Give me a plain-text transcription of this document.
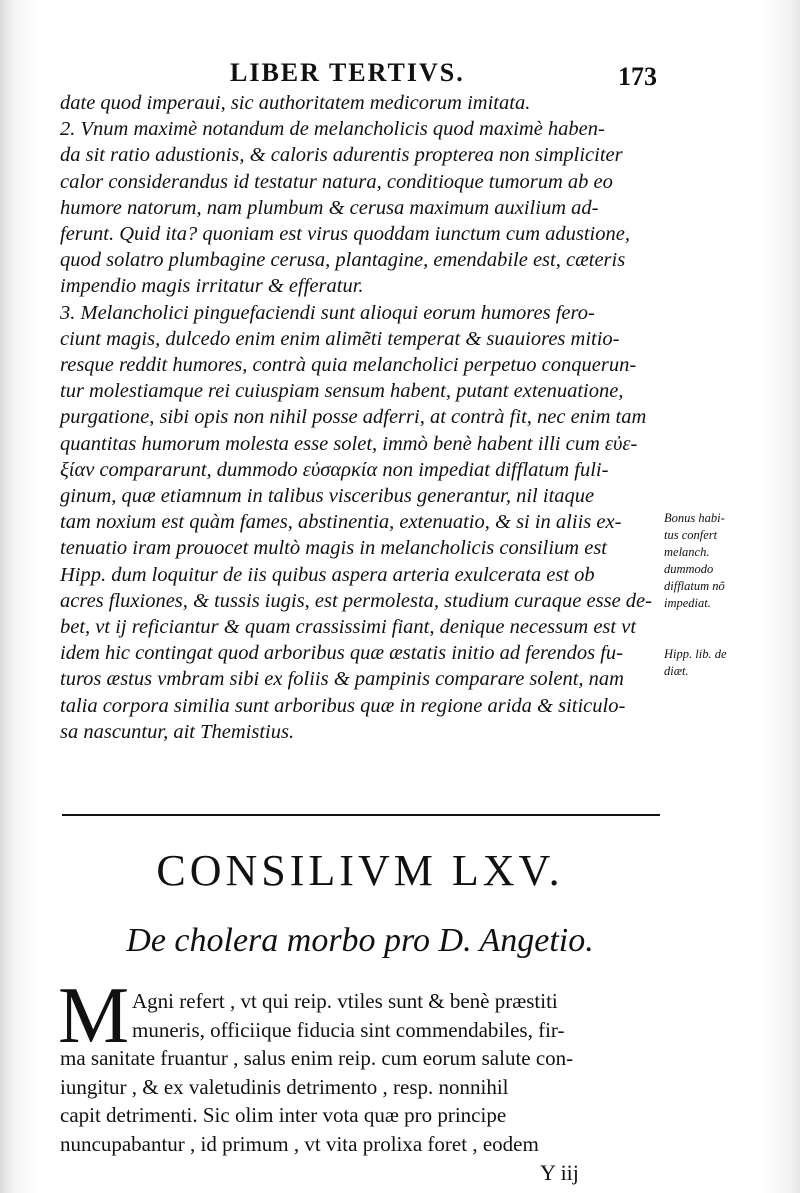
LIBER TERTIVS.	173
date quod imperaui, sic authoritatem medicorum imitata.
2. Vnum maximè notandum de melancholicis quod maximè haben-
da sit ratio adustionis, & caloris adurentis propterea non simpliciter
calor considerandus id testatur natura, conditioque tumorum ab eo
humore natorum, nam plumbum & cerusa maximum auxilium ad-
ferunt. Quid ita? quoniam est virus quoddam iunctum cum adustione,
quod solatro plumbagine cerusa, plantagine, emendabile est, cæteris
impendio magis irritatur & efferatur.
3. Melancholici pinguefaciendi sunt alioqui eorum humores fero-
ciunt magis, dulcedo enim enim alimẽti temperat & suauiores mitio-
resque reddit humores, contrà quia melancholici perpetuo conquerun-
tur molestiamque rei cuiuspiam sensum habent, putant extenuatione,
purgatione, sibi opis non nihil posse adferri, at contrà fit, nec enim tam
quantitas humorum molesta esse solet, immò benè habent illi cum εὐε-
ξίαν compararunt, dummodo εὐσαρκία non impediat difflatum fuli-
ginum, quæ etiamnum in talibus visceribus generantur, nil itaque
tam noxium est quàm fames, abstinentia, extenuatio, & si in aliis ex-
tenuatio iram prouocet multò magis in melancholicis consilium est
Hipp. dum loquitur de iis quibus aspera arteria exulcerata est ob
acres fluxiones, & tussis iugis, est permolesta, studium curaque esse de-
bet, vt ij reficiantur & quam crassissimi fiant, denique necessum est vt
idem hic contingat quod arboribus quæ æstatis initio ad ferendos fu-
turos æstus vmbram sibi ex foliis & pampinis comparare solent, nam
talia corpora similia sunt arboribus quæ in regione arida & siticulo-
sa nascuntur, ait Themistius.
Bonus habi-
tus confert
melanch.
dummodo
difflatum nõ
impediat.
Hipp. lib. de
diæt.
CONSILIVM LXV.
De cholera morbo pro D. Angetio.
M Agni refert , vt qui reip. vtiles sunt & benè præstiti
muneris, officiique fiducia sint commendabiles, fir-
ma sanitate fruantur , salus enim reip. cum eorum salute con-
iungitur , & ex valetudinis detrimento , resp. nonnihil
capit detrimenti. Sic olim inter vota quæ pro principe
nuncupabantur , id primum , vt vita prolixa foret , eodem
Y iij
